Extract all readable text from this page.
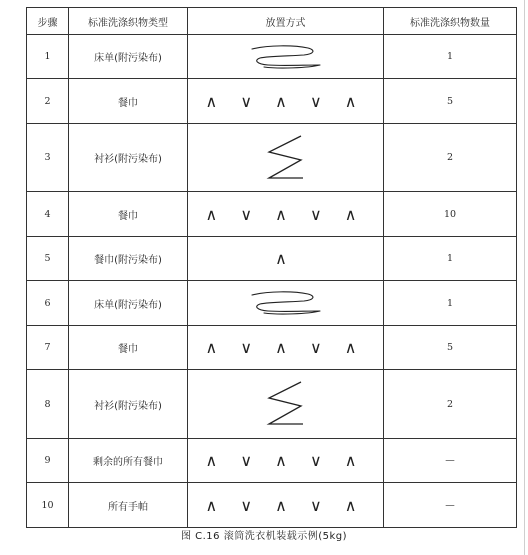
步骤	标准洗涤织物类型	放置方式	标准洗涤织物数量
1	床单(附污染布)		1
2	餐巾	∧ ∨ ∧ ∨ ∧	5
3	衬衫(附污染布)		2
4	餐巾	∧ ∨ ∧ ∨ ∧	10
5	餐巾(附污染布)	∧	1
6	床单(附污染布)		1
7	餐巾	∧ ∨ ∧ ∨ ∧	5
8	衬衫(附污染布)		2
9	剩余的所有餐巾	∧ ∨ ∧ ∨ ∧	—
10	所有手帕	∧ ∨ ∧ ∨ ∧	—
图 C.16 滚筒洗衣机装载示例(5kg)
